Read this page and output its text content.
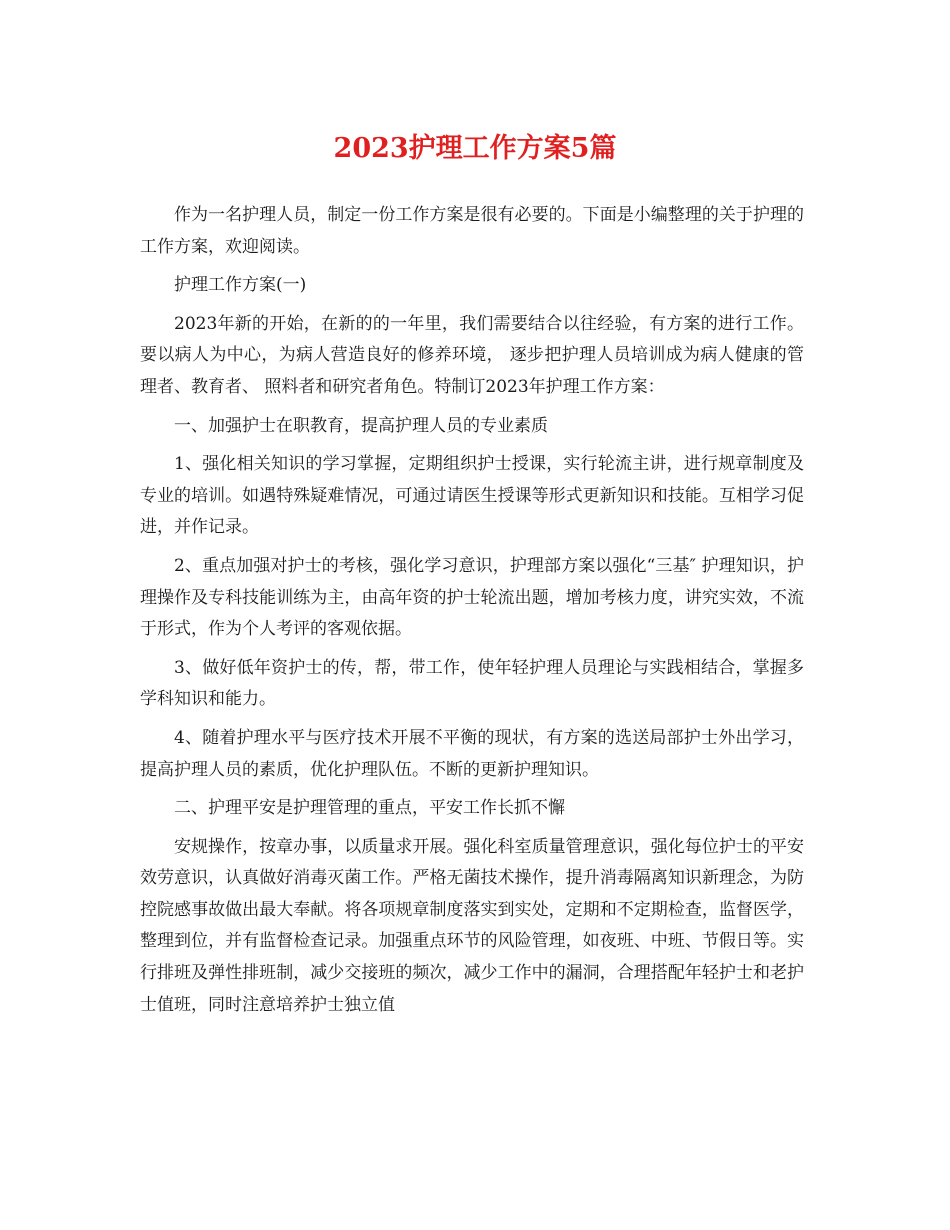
2023护理工作方案5篇

作为一名护理人员，制定一份工作方案是很有必要的。下面是小编整理的关于护理的工作方案，欢迎阅读。

护理工作方案(一)

2023年新的开始，在新的的一年里，我们需要结合以往经验，有方案的进行工作。要以病人为中心，为病人营造良好的修养环境， 逐步把护理人员培训成为病人健康的管理者、教育者、 照料者和研究者角色。特制订2023年护理工作方案：

一、加强护士在职教育，提高护理人员的专业素质

1、强化相关知识的学习掌握，定期组织护士授课，实行轮流主讲，进行规章制度及专业的培训。如遇特殊疑难情况，可通过请医生授课等形式更新知识和技能。互相学习促进，并作记录。

2、重点加强对护士的考核，强化学习意识，护理部方案以强化“三基″ 护理知识，护理操作及专科技能训练为主，由高年资的护士轮流出题，增加考核力度，讲究实效，不流于形式，作为个人考评的客观依据。

3、做好低年资护士的传，帮，带工作，使年轻护理人员理论与实践相结合，掌握多学科知识和能力。

4、随着护理水平与医疗技术开展不平衡的现状，有方案的选送局部护士外出学习，提高护理人员的素质，优化护理队伍。不断的更新护理知识。

二、护理平安是护理管理的重点，平安工作长抓不懈

安规操作，按章办事，以质量求开展。强化科室质量管理意识，强化每位护士的平安效劳意识，认真做好消毒灭菌工作。严格无菌技术操作，提升消毒隔离知识新理念，为防控院感事故做出最大奉献。将各项规章制度落实到实处，定期和不定期检查，监督医学，整理到位，并有监督检查记录。加强重点环节的风险管理，如夜班、中班、节假日等。实行排班及弹性排班制，减少交接班的频次，减少工作中的漏洞，合理搭配年轻护士和老护士值班，同时注意培养护士独立值
